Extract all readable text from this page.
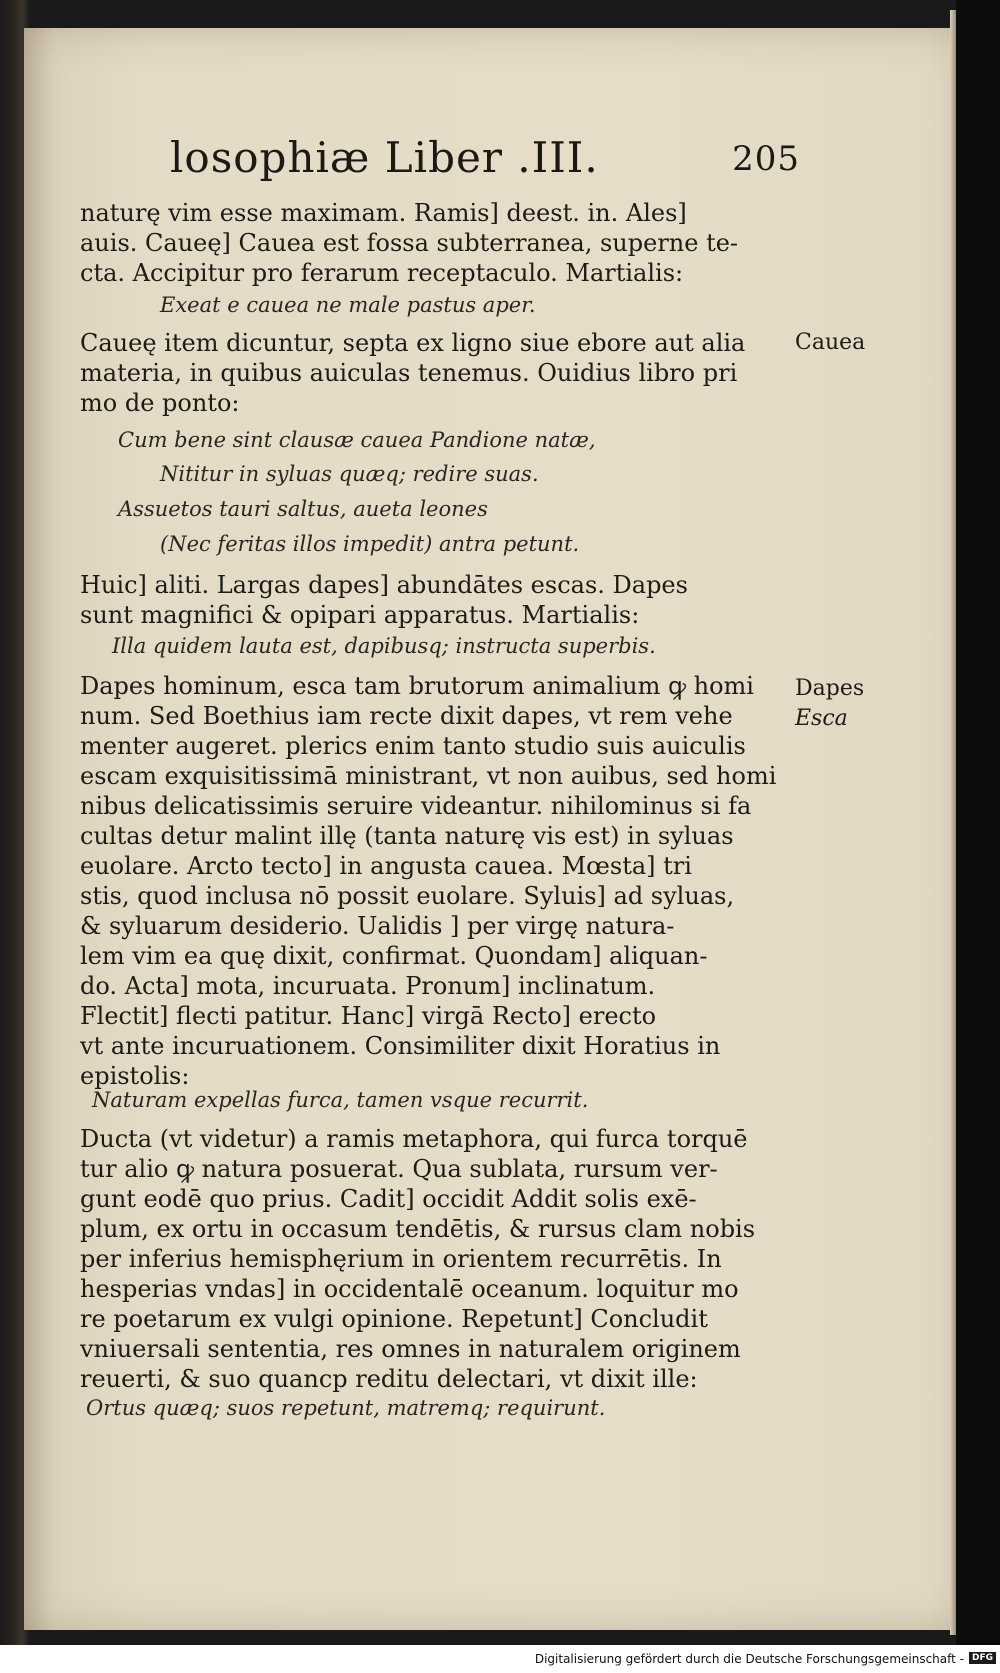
losophiæ Liber .III.	205
naturę vim esse maximam. Ramis] deest. in. Ales]
auis. Caueę] Cauea est fossa subterranea, superne te-
cta. Accipitur pro ferarum receptaculo. Martialis:
Exeat e cauea ne male pastus aper.
Caueę item dicuntur, septa ex ligno siue ebore aut alia
materia, in quibus auiculas tenemus. Ouidius libro pri
mo de ponto:
Cauea
Cum bene sint clausæ cauea Pandione natæ,
Nititur in syluas quæq; redire suas.
Assuetos tauri saltus, aueta leones
(Nec feritas illos impedit) antra petunt.
Huic] aliti. Largas dapes] abundātes escas. Dapes
sunt magnifici & opipari apparatus. Martialis:
Illa quidem lauta est, dapibusq; instructa superbis.
Dapes hominum, esca tam brutorum animalium ꝙ homi
num. Sed Boethius iam recte dixit dapes, vt rem vehe
menter augeret. plerics enim tanto studio suis auiculis
escam exquisitissimā ministrant, vt non auibus, sed homi
nibus delicatissimis seruire videantur. nihilominus si fa
cultas detur malint illę (tanta naturę vis est) in syluas
euolare. Arcto tecto] in angusta cauea. Mœsta] tri
stis, quod inclusa nō possit euolare. Syluis] ad syluas,
& syluarum desiderio. Ualidis ] per virgę natura-
lem vim ea quę dixit, confirmat. Quondam] aliquan-
do. Acta] mota, incuruata. Pronum] inclinatum.
Flectit] flecti patitur. Hanc] virgā Recto] erecto
vt ante incuruationem. Consimiliter dixit Horatius in
epistolis:
Dapes
Esca
Naturam expellas furca, tamen vsque recurrit.
Ducta (vt videtur) a ramis metaphora, qui furca torquē
tur alio ꝙ natura posuerat. Qua sublata, rursum ver-
gunt eodē quo prius. Cadit] occidit Addit solis exē-
plum, ex ortu in occasum tendētis, & rursus clam nobis
per inferius hemisphęrium in orientem recurrētis. In
hesperias vndas] in occidentalē oceanum. loquitur mo
re poetarum ex vulgi opinione. Repetunt] Concludit
vniuersali sententia, res omnes in naturalem originem
reuerti, & suo quancp reditu delectari, vt dixit ille:
Ortus quæq; suos repetunt, matremq; requirunt.
Digitalisierung gefördert durch die Deutsche Forschungsgemeinschaft - DFG
